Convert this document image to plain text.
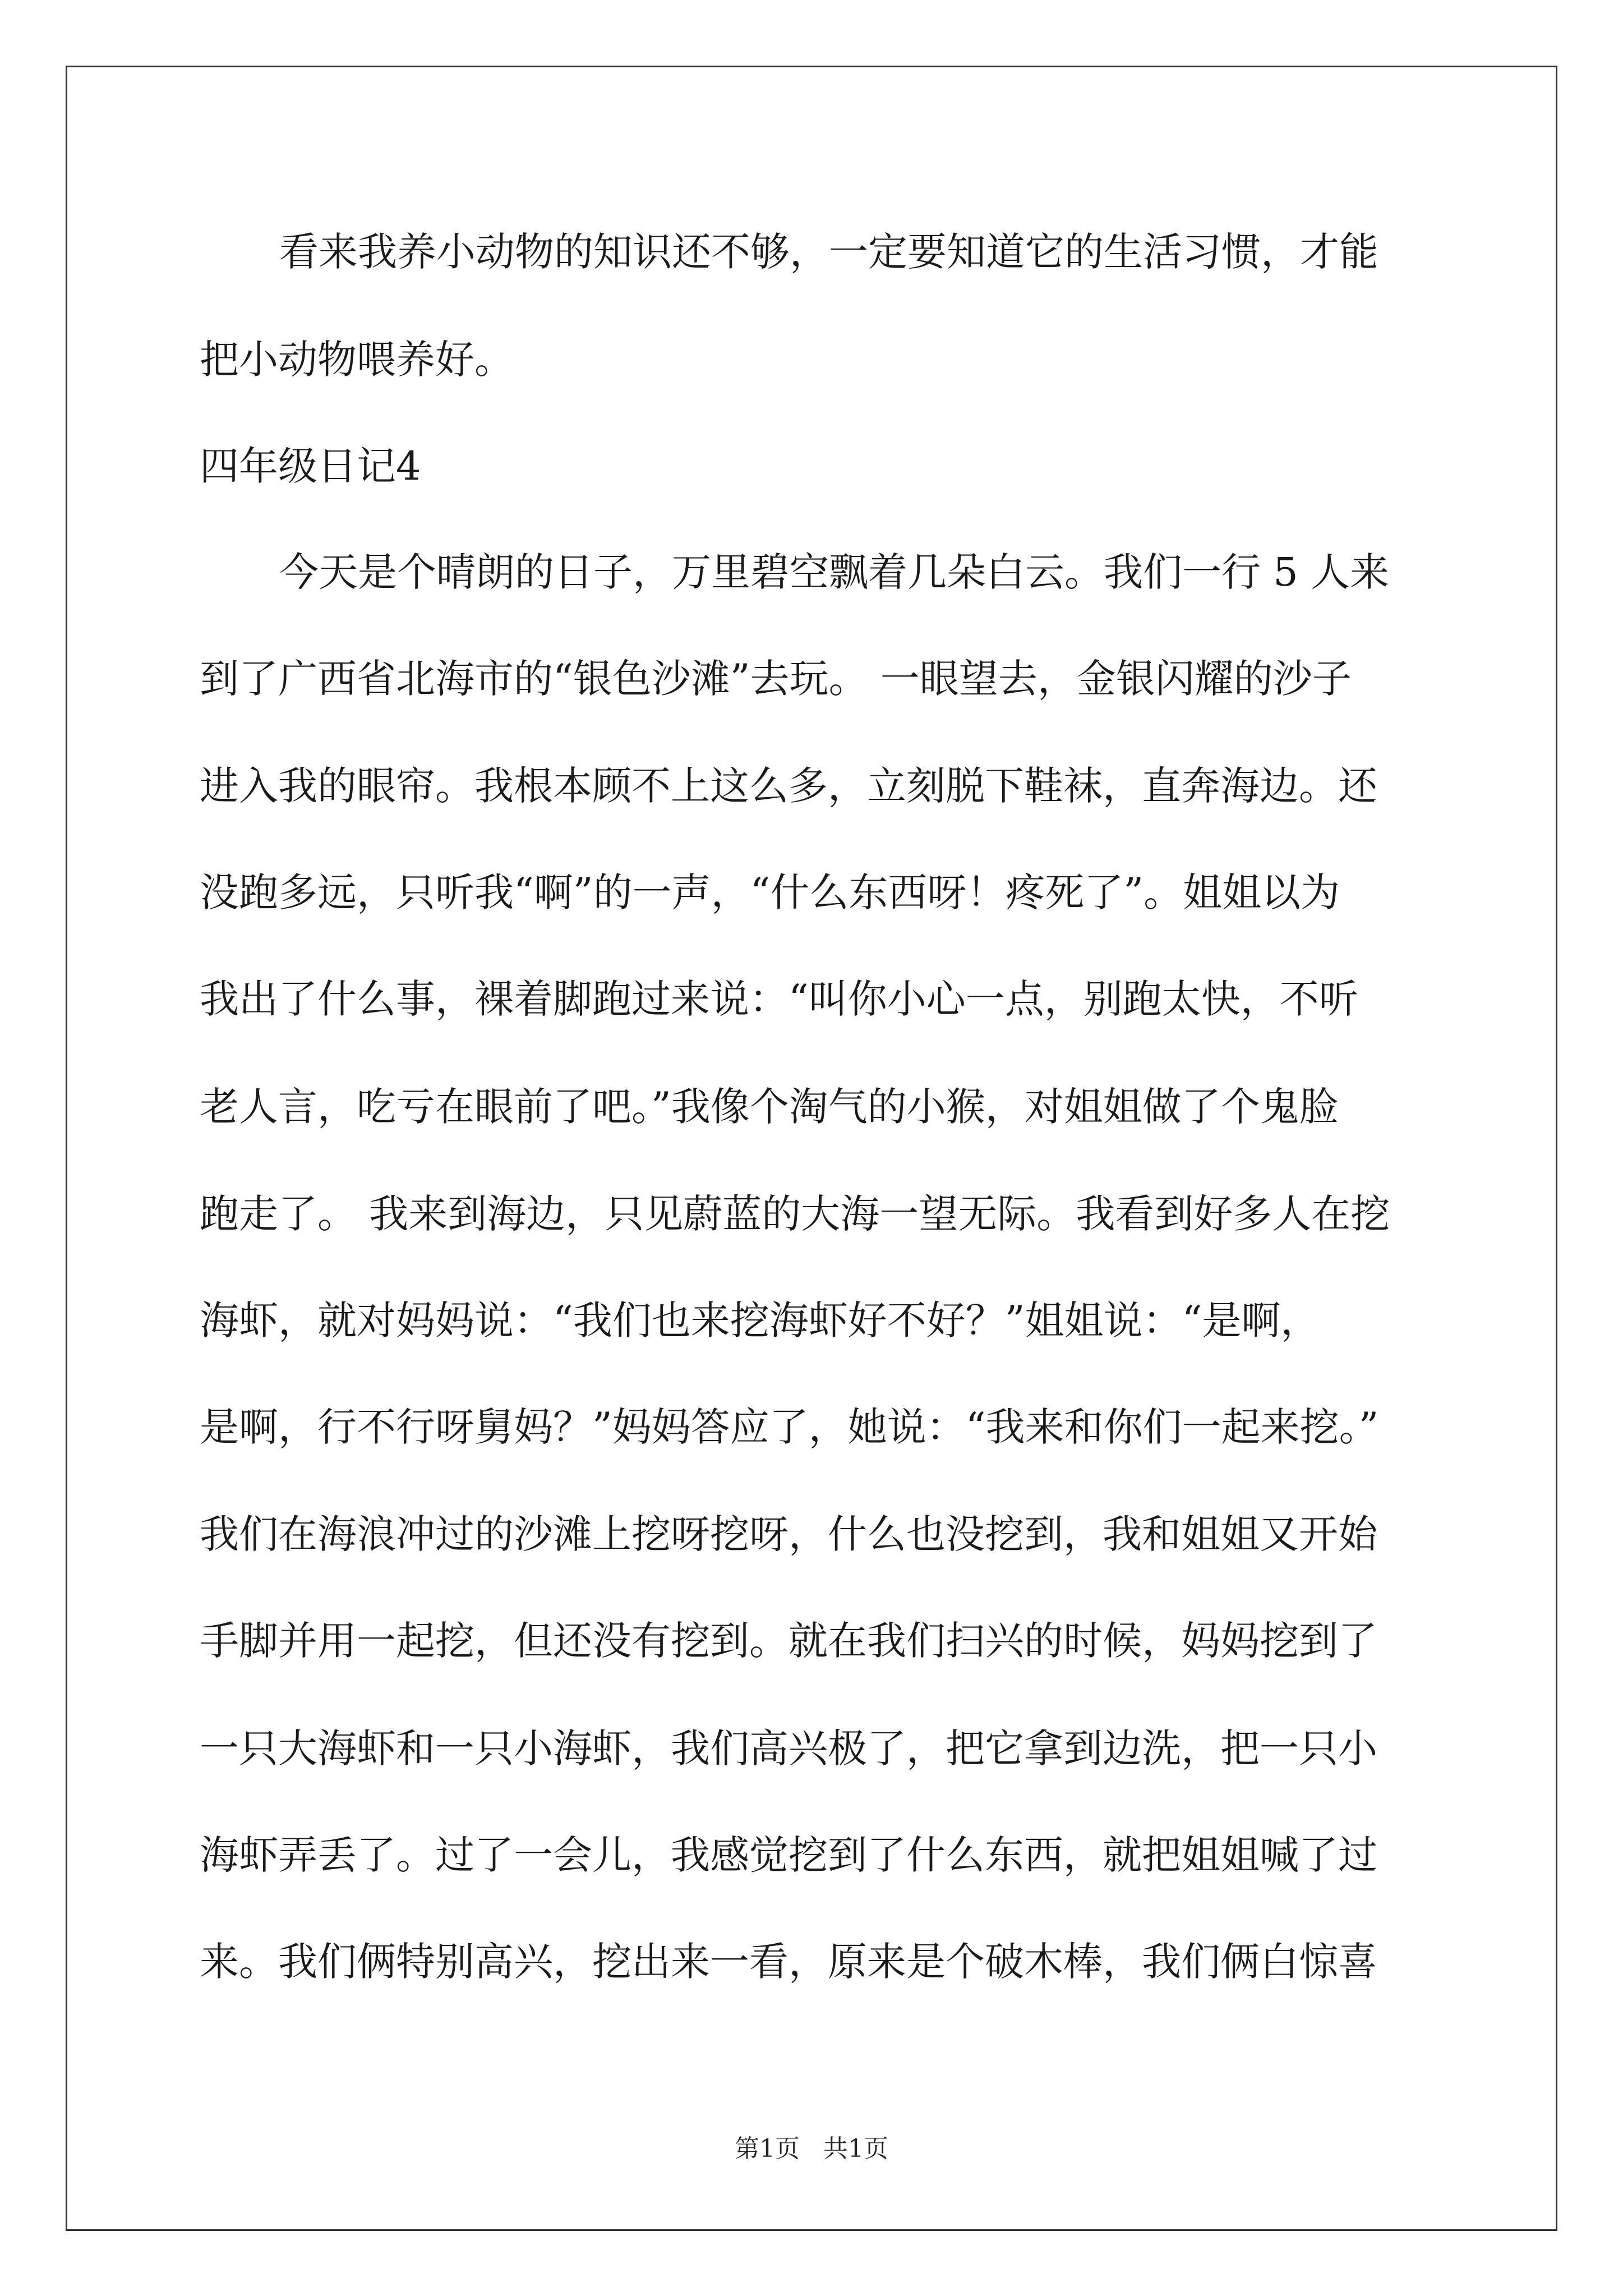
看来我养小动物的知识还不够，一定要知道它的生活习惯，才能
把小动物喂养好。
四年级日记4
今天是个晴朗的日子，万里碧空飘着几朵白云。我们一行 5 人来
到了广西省北海市的“银色沙滩”去玩。 一眼望去，金银闪耀的沙子
进入我的眼帘。我根本顾不上这么多，立刻脱下鞋袜，直奔海边。还
没跑多远，只听我“啊”的一声，“什么东西呀！疼死了”。姐姐以为
我出了什么事，裸着脚跑过来说：“叫你小心一点，别跑太快，不听
老人言，吃亏在眼前了吧。”我像个淘气的小猴，对姐姐做了个鬼脸
跑走了。 我来到海边，只见蔚蓝的大海一望无际。我看到好多人在挖
海虾，就对妈妈说：“我们也来挖海虾好不好？”姐姐说：“是啊，
是啊，行不行呀舅妈？”妈妈答应了，她说：“我来和你们一起来挖。”
我们在海浪冲过的沙滩上挖呀挖呀，什么也没挖到，我和姐姐又开始
手脚并用一起挖，但还没有挖到。就在我们扫兴的时候，妈妈挖到了
一只大海虾和一只小海虾，我们高兴极了，把它拿到边洗，把一只小
海虾弄丢了。过了一会儿，我感觉挖到了什么东西，就把姐姐喊了过
来。我们俩特别高兴，挖出来一看，原来是个破木棒，我们俩白惊喜
第1页   共1页
